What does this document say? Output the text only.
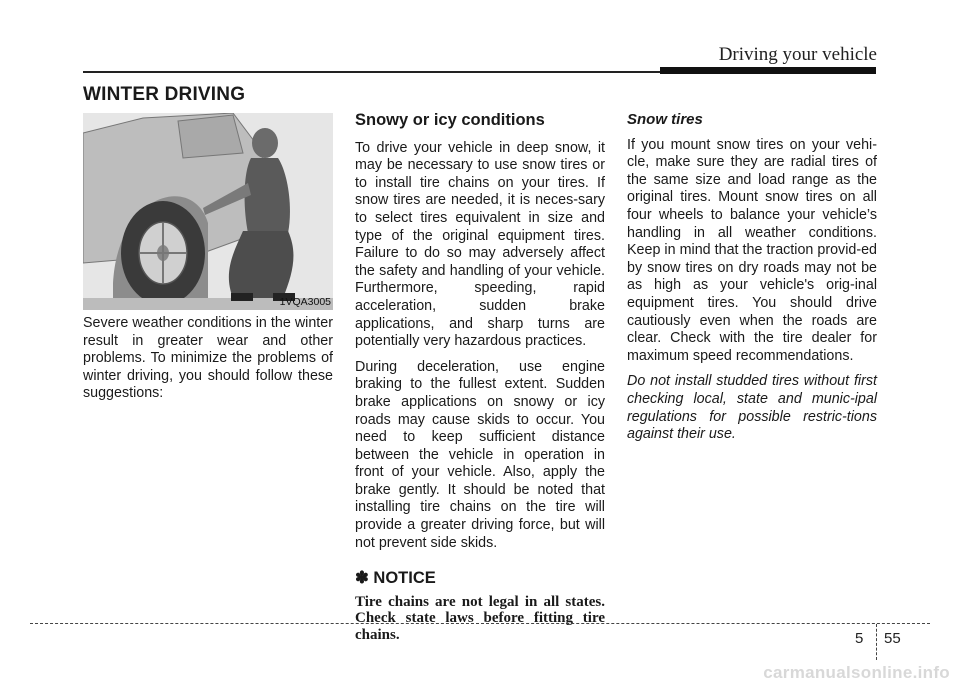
Driving your vehicle
WINTER DRIVING
1VQA3005

Severe weather conditions in the winter result in greater wear and other problems. To minimize the problems of winter driving, you should follow these suggestions:

Snowy or icy conditions

To drive your vehicle in deep snow, it may be necessary to use snow tires or to install tire chains on your tires. If snow tires are needed, it is neces-sary to select tires equivalent in size and type of the original equipment tires. Failure to do so may adversely affect the safety and handling of your vehicle. Furthermore, speeding, rapid acceleration, sudden brake applications, and sharp turns are potentially very hazardous practices.

During deceleration, use engine braking to the fullest extent. Sudden brake applications on snowy or icy roads may cause skids to occur. You need to keep sufficient distance between the vehicle in operation in front of your vehicle. Also, apply the brake gently. It should be noted that installing tire chains on the tire will provide a greater driving force, but will not prevent side skids.

✽ NOTICE
Tire chains are not legal in all states. Check state laws before fitting tire chains.
Snow tires

If you mount snow tires on your vehi-cle, make sure they are radial tires of the same size and load range as the original tires. Mount snow tires on all four wheels to balance your vehicle’s handling in all weather conditions. Keep in mind that the traction provid-ed by snow tires on dry roads may not be as high as your vehicle's orig-inal equipment tires. You should drive cautiously even when the roads are clear. Check with the tire dealer for maximum speed recommendations.

Do not install studded tires without first checking local, state and munic-ipal regulations for possible restric-tions against their use.

5 55
carmanualsonline.info
